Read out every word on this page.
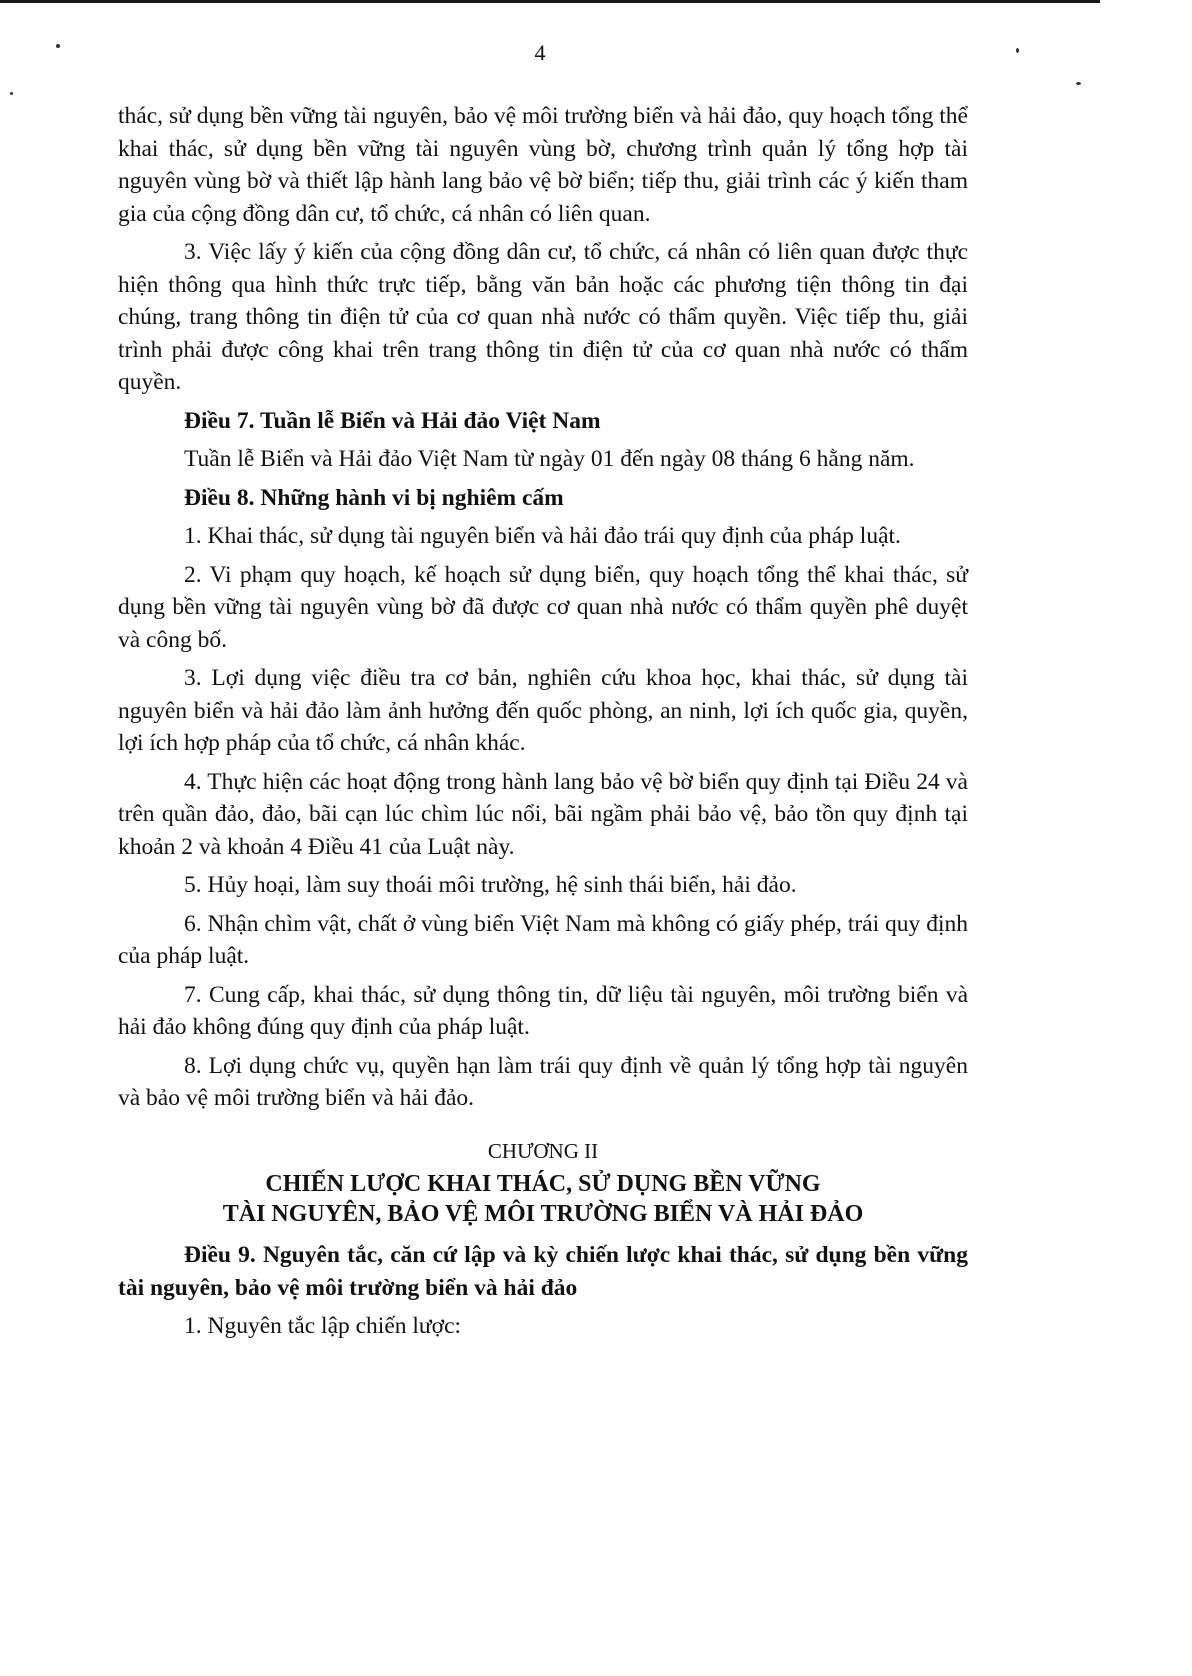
4

thác, sử dụng bền vững tài nguyên, bảo vệ môi trường biển và hải đảo, quy hoạch tổng thể khai thác, sử dụng bền vững tài nguyên vùng bờ, chương trình quản lý tổng hợp tài nguyên vùng bờ và thiết lập hành lang bảo vệ bờ biển; tiếp thu, giải trình các ý kiến tham gia của cộng đồng dân cư, tổ chức, cá nhân có liên quan.

3. Việc lấy ý kiến của cộng đồng dân cư, tổ chức, cá nhân có liên quan được thực hiện thông qua hình thức trực tiếp, bằng văn bản hoặc các phương tiện thông tin đại chúng, trang thông tin điện tử của cơ quan nhà nước có thẩm quyền. Việc tiếp thu, giải trình phải được công khai trên trang thông tin điện tử của cơ quan nhà nước có thẩm quyền.

Điều 7. Tuần lễ Biển và Hải đảo Việt Nam

Tuần lễ Biển và Hải đảo Việt Nam từ ngày 01 đến ngày 08 tháng 6 hằng năm.

Điều 8. Những hành vi bị nghiêm cấm

1. Khai thác, sử dụng tài nguyên biển và hải đảo trái quy định của pháp luật.

2. Vi phạm quy hoạch, kế hoạch sử dụng biển, quy hoạch tổng thể khai thác, sử dụng bền vững tài nguyên vùng bờ đã được cơ quan nhà nước có thẩm quyền phê duyệt và công bố.

3. Lợi dụng việc điều tra cơ bản, nghiên cứu khoa học, khai thác, sử dụng tài nguyên biển và hải đảo làm ảnh hưởng đến quốc phòng, an ninh, lợi ích quốc gia, quyền, lợi ích hợp pháp của tổ chức, cá nhân khác.

4. Thực hiện các hoạt động trong hành lang bảo vệ bờ biển quy định tại Điều 24 và trên quần đảo, đảo, bãi cạn lúc chìm lúc nổi, bãi ngầm phải bảo vệ, bảo tồn quy định tại khoản 2 và khoản 4 Điều 41 của Luật này.

5. Hủy hoại, làm suy thoái môi trường, hệ sinh thái biển, hải đảo.

6. Nhận chìm vật, chất ở vùng biển Việt Nam mà không có giấy phép, trái quy định của pháp luật.

7. Cung cấp, khai thác, sử dụng thông tin, dữ liệu tài nguyên, môi trường biển và hải đảo không đúng quy định của pháp luật.

8. Lợi dụng chức vụ, quyền hạn làm trái quy định về quản lý tổng hợp tài nguyên và bảo vệ môi trường biển và hải đảo.

CHƯƠNG II
CHIẾN LƯỢC KHAI THÁC, SỬ DỤNG BỀN VỮNG
TÀI NGUYÊN, BẢO VỆ MÔI TRƯỜNG BIỂN VÀ HẢI ĐẢO

Điều 9. Nguyên tắc, căn cứ lập và kỳ chiến lược khai thác, sử dụng bền vững tài nguyên, bảo vệ môi trường biển và hải đảo

1. Nguyên tắc lập chiến lược:
